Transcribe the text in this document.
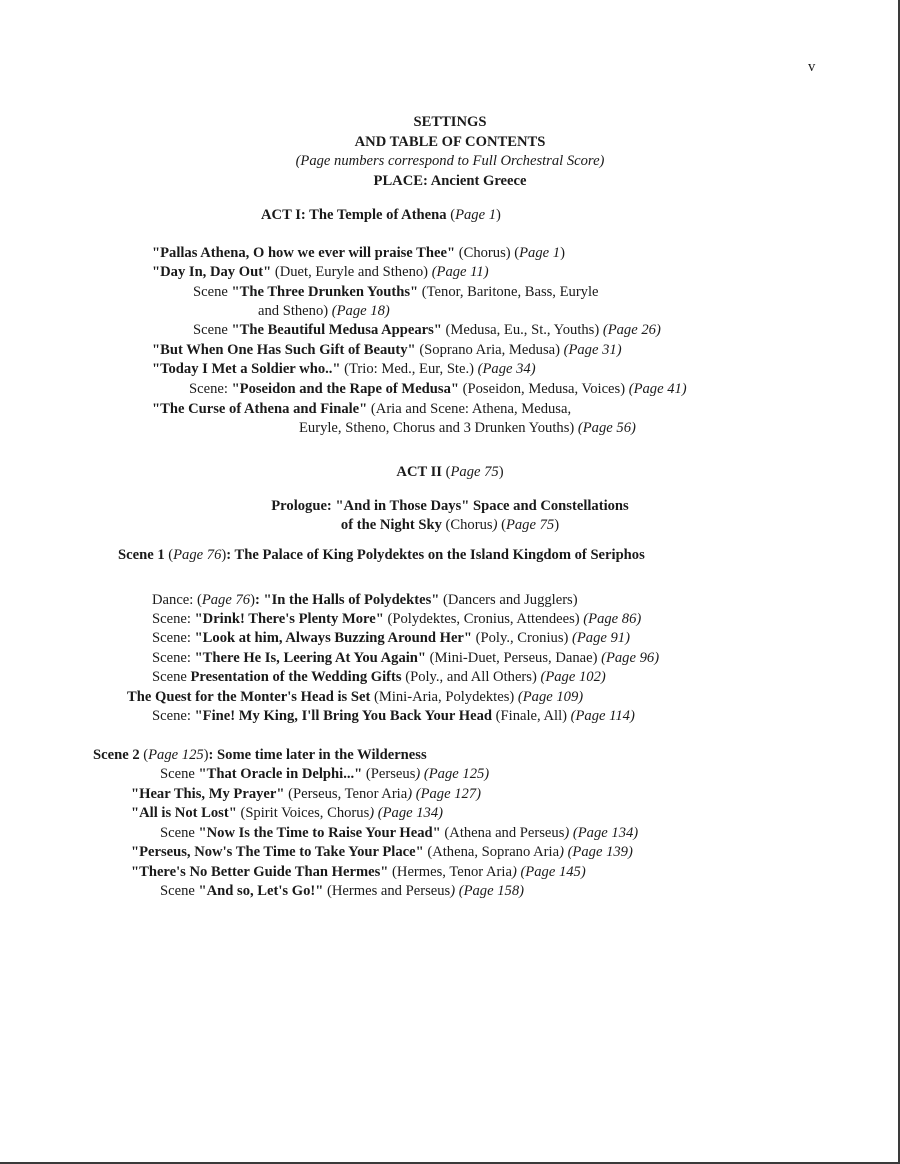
v
SETTINGS
AND TABLE OF CONTENTS
(Page numbers correspond to Full Orchestral Score)
PLACE: Ancient Greece
ACT I: The Temple of Athena (Page 1)
"Pallas Athena, O how we ever will praise Thee" (Chorus) (Page 1)
"Day In, Day Out" (Duet, Euryle and Stheno) (Page 11)
Scene "The Three Drunken Youths" (Tenor, Baritone, Bass, Euryle
and Stheno) (Page 18)
Scene "The Beautiful Medusa Appears" (Medusa, Eu., St., Youths) (Page 26)
"But When One Has Such Gift of Beauty" (Soprano Aria, Medusa) (Page 31)
"Today I Met a Soldier who.." (Trio: Med., Eur, Ste.) (Page 34)
Scene: "Poseidon and the Rape of Medusa" (Poseidon, Medusa, Voices) (Page 41)
"The Curse of Athena and Finale" (Aria and Scene: Athena, Medusa,
Euryle, Stheno, Chorus and 3 Drunken Youths) (Page 56)
ACT II (Page 75)
Prologue: "And in Those Days" Space and Constellations
of the Night Sky (Chorus) (Page 75)
Scene 1 (Page 76): The Palace of King Polydektes on the Island Kingdom of Seriphos
Dance: (Page 76): "In the Halls of Polydektes" (Dancers and Jugglers)
Scene: "Drink! There's Plenty More" (Polydektes, Cronius, Attendees) (Page 86)
Scene: "Look at him, Always Buzzing Around Her" (Poly., Cronius) (Page 91)
Scene: "There He Is, Leering At You Again" (Mini-Duet, Perseus, Danae) (Page 96)
Scene Presentation of the Wedding Gifts (Poly., and All Others) (Page 102)
The Quest for the Monter's Head is Set (Mini-Aria, Polydektes) (Page 109)
Scene: "Fine! My King, I'll Bring You Back Your Head (Finale, All) (Page 114)
Scene 2 (Page 125): Some time later in the Wilderness
Scene "That Oracle in Delphi..." (Perseus) (Page 125)
"Hear This, My Prayer" (Perseus, Tenor Aria) (Page 127)
"All is Not Lost" (Spirit Voices, Chorus) (Page 134)
Scene "Now Is the Time to Raise Your Head" (Athena and Perseus) (Page 134)
"Perseus, Now's The Time to Take Your Place" (Athena, Soprano Aria) (Page 139)
"There's No Better Guide Than Hermes" (Hermes, Tenor Aria) (Page 145)
Scene "And so, Let's Go!" (Hermes and Perseus) (Page 158)
